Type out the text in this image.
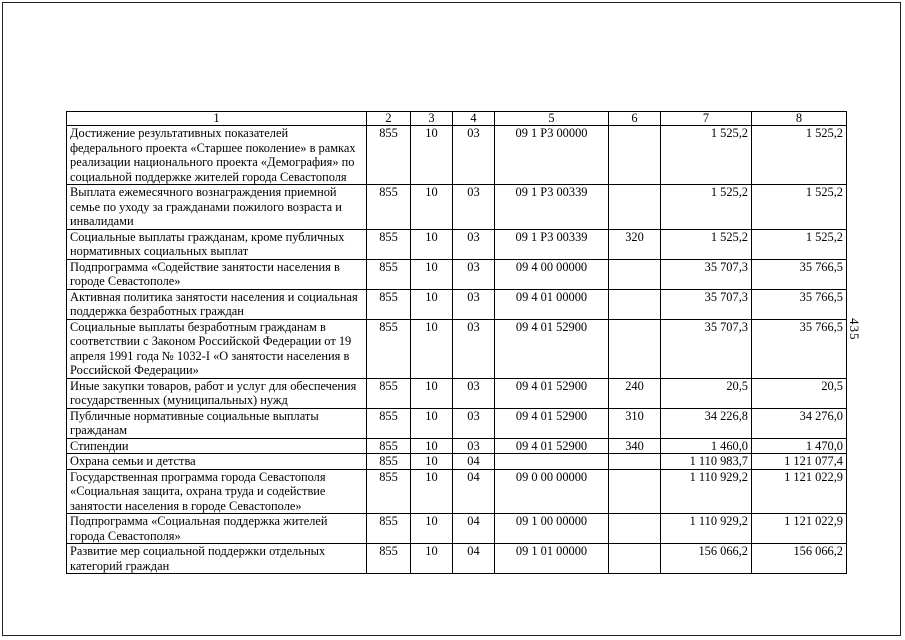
435
1	2	3	4	5	6	7	8
Достижение результативных показателей федерального проекта «Старшее поколение» в рамках реализации национального проекта «Демография» по социальной поддержке жителей города Севастополя	855	10	03	09 1 P3 00000		1 525,2	1 525,2
Выплата ежемесячного вознаграждения приемной семье по уходу за гражданами пожилого возраста и инвалидами	855	10	03	09 1 P3 00339		1 525,2	1 525,2
Социальные выплаты гражданам, кроме публичных нормативных социальных выплат	855	10	03	09 1 P3 00339	320	1 525,2	1 525,2
Подпрограмма «Содействие занятости населения в городе Севастополе»	855	10	03	09 4 00 00000		35 707,3	35 766,5
Активная политика занятости населения и социальная поддержка безработных граждан	855	10	03	09 4 01 00000		35 707,3	35 766,5
Социальные выплаты безработным гражданам в соответствии с Законом Российской Федерации от 19 апреля 1991 года № 1032-I «О занятости населения в Российской Федерации»	855	10	03	09 4 01 52900		35 707,3	35 766,5
Иные закупки товаров, работ и услуг для обеспечения государственных (муниципальных) нужд	855	10	03	09 4 01 52900	240	20,5	20,5
Публичные нормативные социальные выплаты гражданам	855	10	03	09 4 01 52900	310	34 226,8	34 276,0
Стипендии	855	10	03	09 4 01 52900	340	1 460,0	1 470,0
Охрана семьи и детства	855	10	04			1 110 983,7	1 121 077,4
Государственная программа города Севастополя «Социальная защита, охрана труда и содействие занятости населения в городе Севастополе»	855	10	04	09 0 00 00000		1 110 929,2	1 121 022,9
Подпрограмма «Социальная поддержка жителей города Севастополя»	855	10	04	09 1 00 00000		1 110 929,2	1 121 022,9
Развитие мер социальной поддержки отдельных категорий граждан	855	10	04	09 1 01 00000		156 066,2	156 066,2
